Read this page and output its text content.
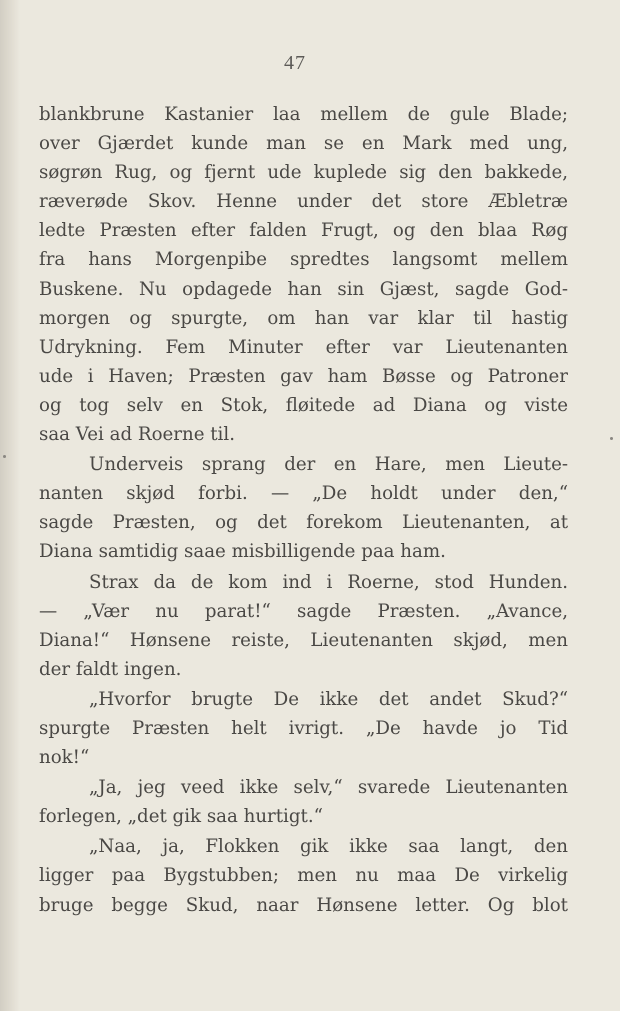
47
blankbrune Kastanier laa mellem de gule Blade;
over Gjærdet kunde man se en Mark med ung,
søgrøn Rug, og fjernt ude kuplede sig den bakkede,
ræverøde Skov. Henne under det store Æbletræ
ledte Præsten efter falden Frugt, og den blaa Røg
fra hans Morgenpibe spredtes langsomt mellem
Buskene. Nu opdagede han sin Gjæst, sagde God-
morgen og spurgte, om han var klar til hastig
Udrykning. Fem Minuter efter var Lieutenanten
ude i Haven; Præsten gav ham Bøsse og Patroner
og tog selv en Stok, fløitede ad Diana og viste
saa Vei ad Roerne til.
Underveis sprang der en Hare, men Lieute-
nanten skjød forbi. — „De holdt under den,“
sagde Præsten, og det forekom Lieutenanten, at
Diana samtidig saae misbilligende paa ham.
Strax da de kom ind i Roerne, stod Hunden.
— „Vær nu parat!“ sagde Præsten. „Avance,
Diana!“ Hønsene reiste, Lieutenanten skjød, men
der faldt ingen.
„Hvorfor brugte De ikke det andet Skud?“
spurgte Præsten helt ivrigt. „De havde jo Tid
nok!“
„Ja, jeg veed ikke selv,“ svarede Lieutenanten
forlegen, „det gik saa hurtigt.“
„Naa, ja, Flokken gik ikke saa langt, den
ligger paa Bygstubben; men nu maa De virkelig
bruge begge Skud, naar Hønsene letter. Og blot
